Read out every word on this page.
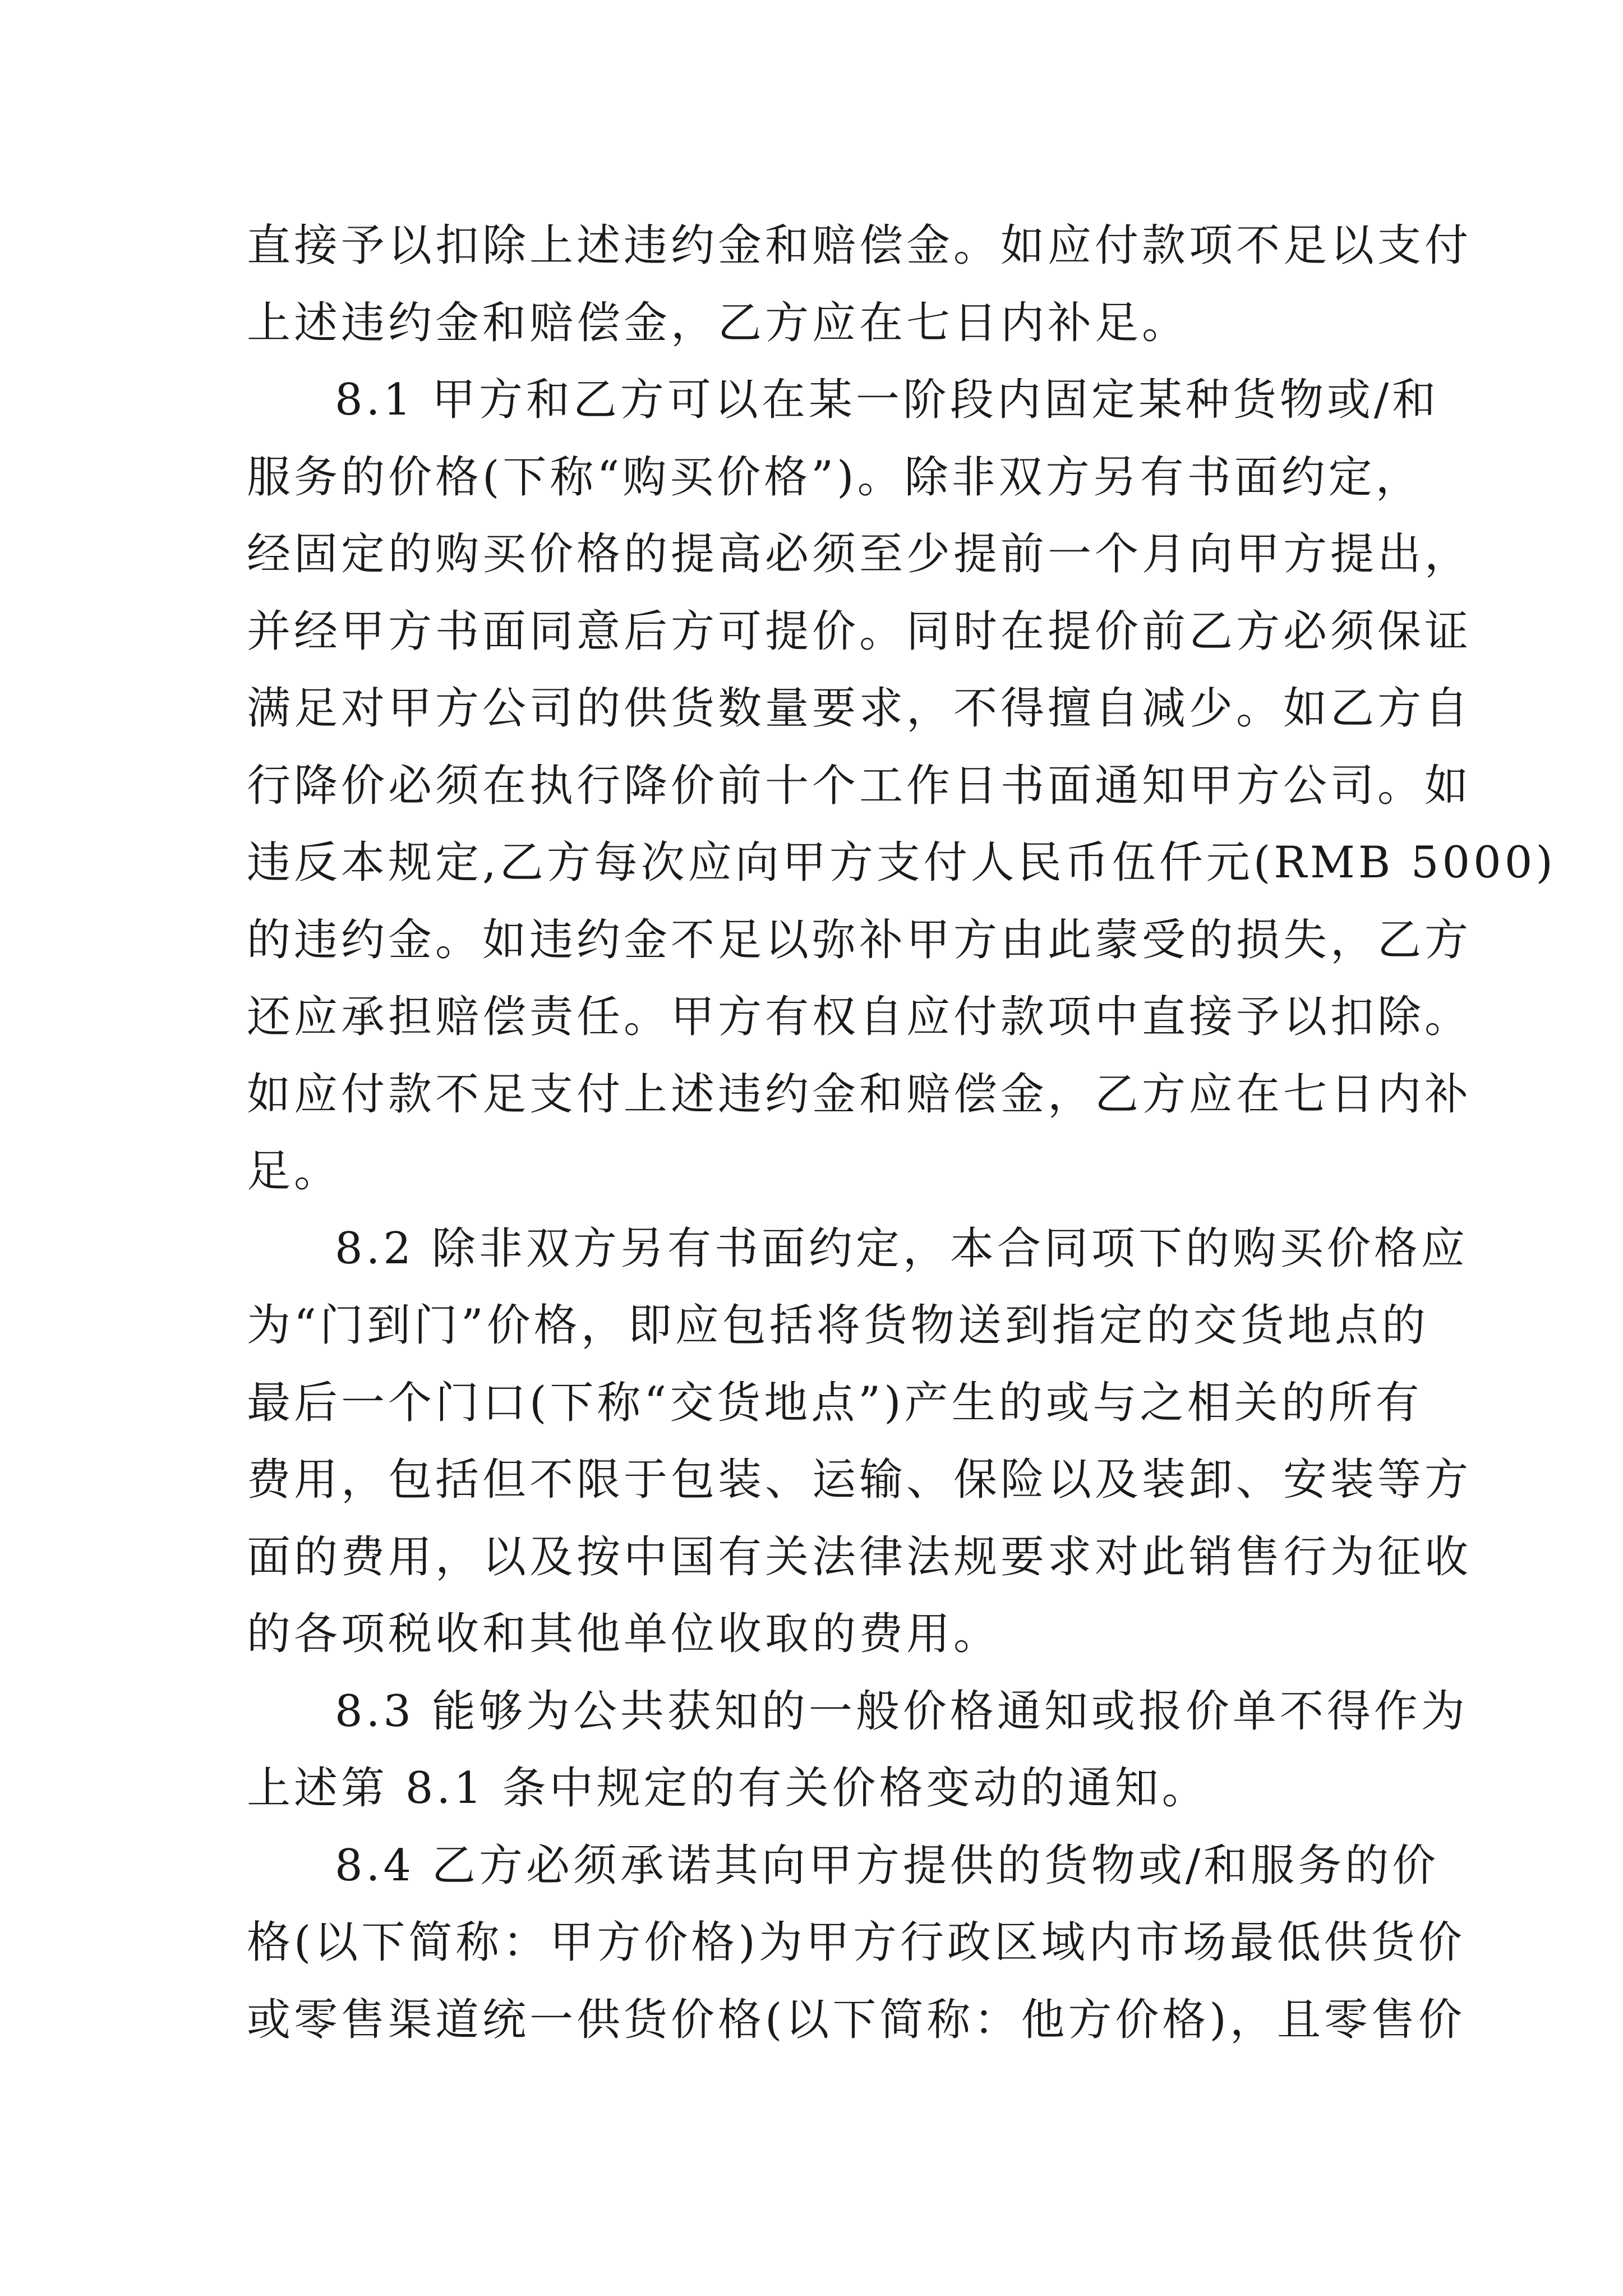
直接予以扣除上述违约金和赔偿金。如应付款项不足以支付
上述违约金和赔偿金，乙方应在七日内补足。
8.1 甲方和乙方可以在某一阶段内固定某种货物或/和
服务的价格(下称“购买价格”)。除非双方另有书面约定，
经固定的购买价格的提高必须至少提前一个月向甲方提出，
并经甲方书面同意后方可提价。同时在提价前乙方必须保证
满足对甲方公司的供货数量要求，不得擅自减少。如乙方自
行降价必须在执行降价前十个工作日书面通知甲方公司。如
违反本规定,乙方每次应向甲方支付人民币伍仟元(RMB 5000)
的违约金。如违约金不足以弥补甲方由此蒙受的损失，乙方
还应承担赔偿责任。甲方有权自应付款项中直接予以扣除。
如应付款不足支付上述违约金和赔偿金，乙方应在七日内补
足。
8.2 除非双方另有书面约定，本合同项下的购买价格应
为“门到门”价格，即应包括将货物送到指定的交货地点的
最后一个门口(下称“交货地点”)产生的或与之相关的所有
费用，包括但不限于包装、运输、保险以及装卸、安装等方
面的费用，以及按中国有关法律法规要求对此销售行为征收
的各项税收和其他单位收取的费用。
8.3 能够为公共获知的一般价格通知或报价单不得作为
上述第 8.1 条中规定的有关价格变动的通知。
8.4 乙方必须承诺其向甲方提供的货物或/和服务的价
格(以下简称：甲方价格)为甲方行政区域内市场最低供货价
或零售渠道统一供货价格(以下简称：他方价格)，且零售价
